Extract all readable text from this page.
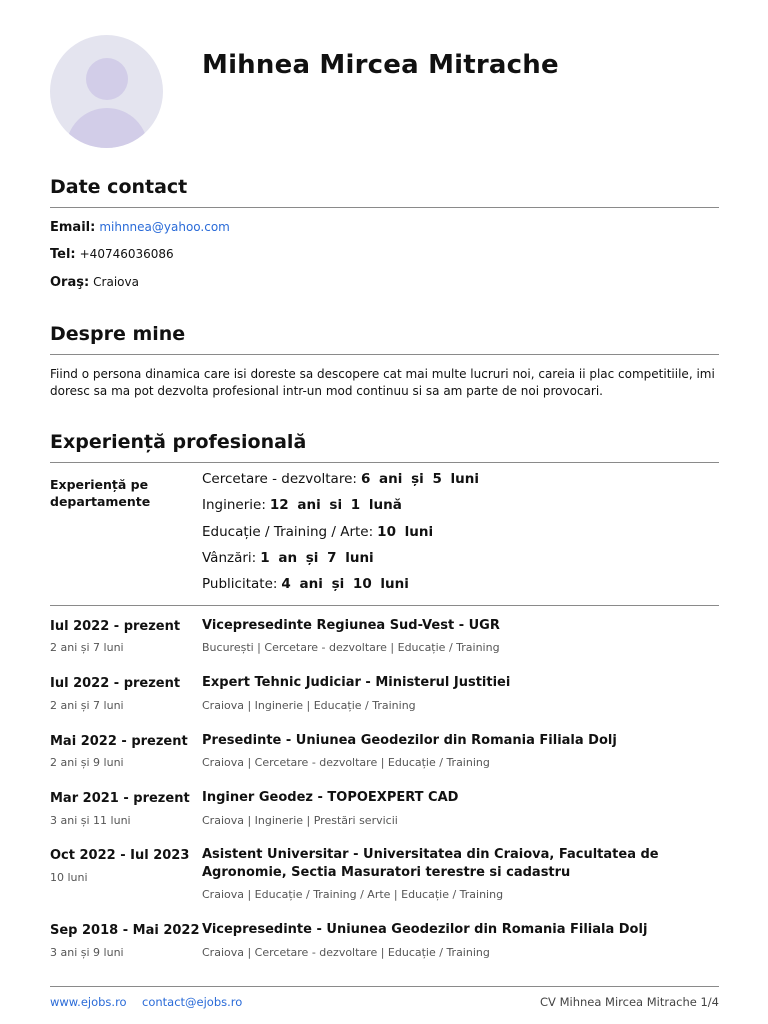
Mihnea Mircea Mitrache
Date contact
Email: mihnnea@yahoo.com
Tel: +40746036086
Oraş: Craiova
Despre mine
Fiind o persona dinamica care isi doreste sa descopere cat mai multe lucruri noi, careia ii plac competitiile, imi doresc sa ma pot dezvolta profesional intr-un mod continuu si sa am parte de noi provocari.
Experiență profesională
Experiență pe departamente
Cercetare - dezvoltare: 6 ani și 5 luni
Inginerie: 12 ani si 1 lună
Educație / Training / Arte: 10 luni
Vânzări: 1 an și 7 luni
Publicitate: 4 ani și 10 luni
Iul 2022 - prezent
2 ani și 7 luni
Vicepresedinte Regiunea Sud-Vest - UGR
București | Cercetare - dezvoltare | Educație / Training
Iul 2022 - prezent
2 ani și 7 luni
Expert Tehnic Judiciar - Ministerul Justitiei
Craiova | Inginerie | Educație / Training
Mai 2022 - prezent
2 ani și 9 luni
Presedinte - Uniunea Geodezilor din Romania Filiala Dolj
Craiova | Cercetare - dezvoltare | Educație / Training
Mar 2021 - prezent
3 ani și 11 luni
Inginer Geodez - TOPOEXPERT CAD
Craiova | Inginerie | Prestări servicii
Oct 2022 - Iul 2023
10 luni
Asistent Universitar - Universitatea din Craiova, Facultatea de Agronomie, Sectia Masuratori terestre si cadastru
Craiova | Educație / Training / Arte | Educație / Training
Sep 2018 - Mai 2022
3 ani și 9 luni
Vicepresedinte - Uniunea Geodezilor din Romania Filiala Dolj
Craiova | Cercetare - dezvoltare | Educație / Training
www.ejobs.ro contact@ejobs.ro	CV Mihnea Mircea Mitrache 1/4
